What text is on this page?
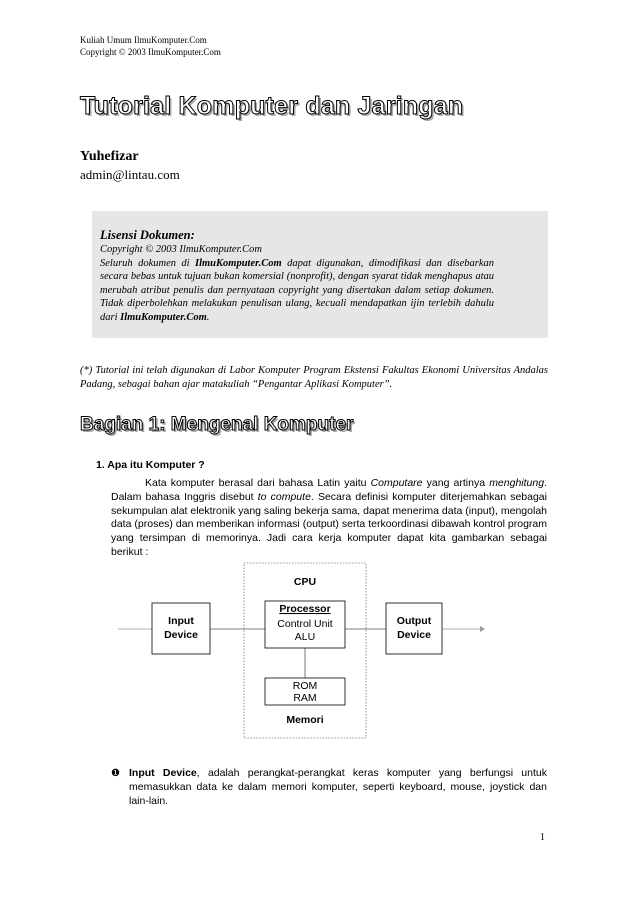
Kuliah Umum IlmuKomputer.Com
Copyright © 2003 IlmuKomputer.Com
Tutorial Komputer dan Jaringan
Yuhefizar
admin@lintau.com
Lisensi Dokumen:
Copyright © 2003 IlmuKomputer.Com
Seluruh dokumen di IlmuKomputer.Com dapat digunakan, dimodifikasi dan disebarkan secara bebas untuk tujuan bukan komersial (nonprofit), dengan syarat tidak menghapus atau merubah atribut penulis dan pernyataan copyright yang disertakan dalam setiap dokumen. Tidak diperbolehkan melakukan penulisan ulang, kecuali mendapatkan ijin terlebih dahulu dari IlmuKomputer.Com.
(*) Tutorial ini telah digunakan di Labor Komputer Program Ekstensi Fakultas Ekonomi Universitas Andalas Padang, sebagai bahan ajar matakuliah “Pengantar Aplikasi Komputer”.
Bagian 1: Mengenal Komputer
1. Apa itu Komputer ?
Kata komputer berasal dari bahasa Latin yaitu Computare yang artinya menghitung. Dalam bahasa Inggris disebut to compute. Secara definisi komputer diterjemahkan sebagai sekumpulan alat elektronik yang saling bekerja sama, dapat menerima data (input), mengolah data (proses) dan memberikan informasi (output) serta terkoordinasi dibawah kontrol program yang tersimpan di memorinya. Jadi cara kerja komputer dapat kita gambarkan sebagai berikut :
CPU
Input
Device
Processor
Control Unit
ALU
Output
Device
ROM
RAM
Memori
❶ Input Device, adalah perangkat-perangkat keras komputer yang berfungsi untuk memasukkan data ke dalam memori komputer, seperti keyboard, mouse, joystick dan lain-lain.
1
